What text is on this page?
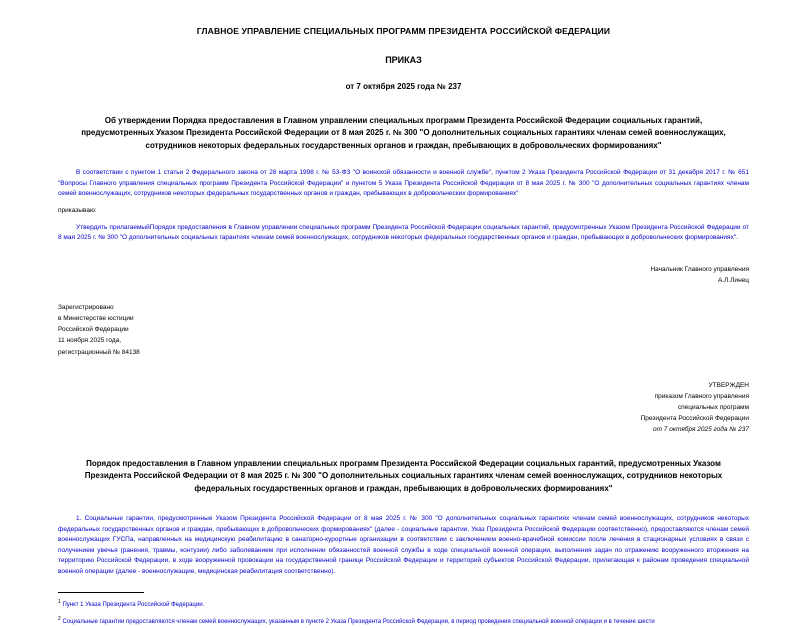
ГЛАВНОЕ УПРАВЛЕНИЕ СПЕЦИАЛЬНЫХ ПРОГРАММ ПРЕЗИДЕНТА РОССИЙСКОЙ ФЕДЕРАЦИИ
ПРИКАЗ
от 7 октября 2025 года № 237
Об утверждении Порядка предоставления в Главном управлении специальных программ Президента Российской Федерации социальных гарантий, предусмотренных Указом Президента Российской Федерации от 8 мая 2025 г. № 300 "О дополнительных социальных гарантиях членам семей военнослужащих, сотрудников некоторых федеральных государственных органов и граждан, пребывающих в добровольческих формированиях"
В соответствии с пунктом 1 статьи 2 Федерального закона от 28 марта 1998 г. № 53-ФЗ "О воинской обязанности и военной службе", пунктом 2 Указа Президента Российской Федерации от 31 декабря 2017 г. № 651 "Вопросы Главного управления специальных программ Президента Российской Федерации" и пунктом 5 Указа Президента Российской Федерации от 8 мая 2025 г. № 300 "О дополнительных социальных гарантиях членам семей военнослужащих, сотрудников некоторых федеральных государственных органов и граждан, пребывающих в добровольческих формированиях"
приказываю:
Утвердить прилагаемыйПорядок предоставления в Главном управлении специальных программ Президента Российской Федерации социальных гарантий, предусмотренных Указом Президента Российской Федерации от 8 мая 2025 г. № 300 "О дополнительных социальных гарантиях членам семей военнослужащих, сотрудников некоторых федеральных государственных органов и граждан, пребывающих в добровольческих формированиях".
Начальник Главного управления
А.Л.Линец
Зарегистрировано
в Министерстве юстиции
Российской Федерации
11 ноября 2025 года,
регистрационный № 84138
УТВЕРЖДЕН
приказом Главного управления
специальных программ
Президента Российской Федерации
от 7 октября 2025 года № 237
Порядок предоставления в Главном управлении специальных программ Президента Российской Федерации социальных гарантий, предусмотренных Указом Президента Российской Федерации от 8 мая 2025 г. № 300 "О дополнительных социальных гарантиях членам семей военнослужащих, сотрудников некоторых федеральных государственных органов и граждан, пребывающих в добровольческих формированиях"
1. Социальные гарантии, предусмотренные Указом Президента Российской Федерации от 8 мая 2025 г. № 300 "О дополнительных социальных гарантиях членам семей военнослужащих, сотрудников некоторых федеральных государственных органов и граждан, пребывающих в добровольческих формированиях" (далее - социальные гарантии, Указ Президента Российской Федерации соответственно), предоставляются членам семей военнослужащих ГУСПа, направленных на медицинскую реабилитацию в санаторно-курортные организации в соответствии с заключением военно-врачебной комиссии после лечения в стационарных условиях в связи с получением увечья (ранения, травмы, контузии) либо заболеванием при исполнении обязанностей военной службы в ходе специальной военной операции, выполнения задач по отражению вооруженного вторжения на территорию Российской Федерации, в ходе вооруженной провокации на государственной границе Российской Федерации и территорий субъектов Российской Федерации, прилегающая к районам проведения специальной военной операции (далее - военнослужащие, медицинская реабилитация соответственно).
$^1$ Пункт 1 Указа Президента Российской Федерации.
$^2$ Социальные гарантии предоставляются членам семей военнослужащих, указанным в пункте 2 Указа Президента Российской Федерации, в период проведения специальной военной операции и в течение шести
